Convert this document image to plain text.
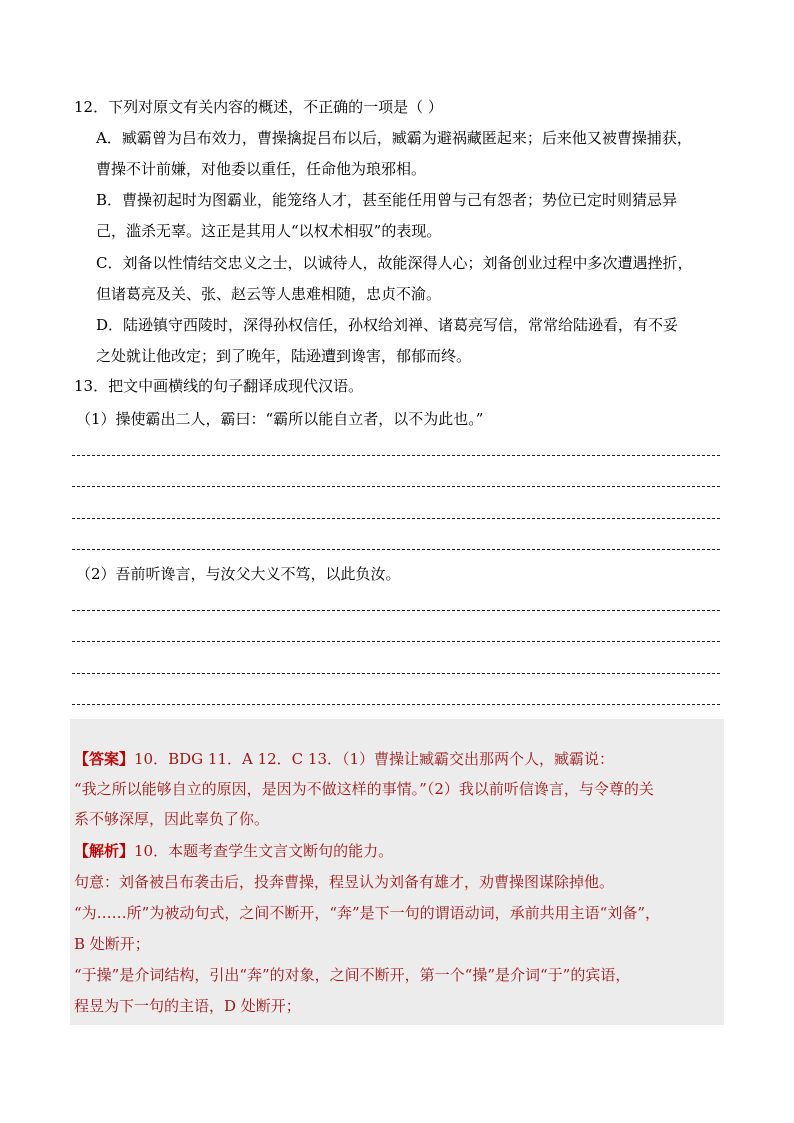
12．下列对原文有关内容的概述，不正确的一项是（ ）
A．臧霸曾为吕布效力，曹操擒捉吕布以后，臧霸为避祸藏匿起来；后来他又被曹操捕获，
曹操不计前嫌，对他委以重任，任命他为琅邪相。
B．曹操初起时为图霸业，能笼络人才，甚至能任用曾与己有怨者；势位已定时则猜忌异
己，滥杀无辜。这正是其用人“以权术相驭”的表现。
C．刘备以性情结交忠义之士，以诚待人，故能深得人心；刘备创业过程中多次遭遇挫折，
但诸葛亮及关、张、赵云等人患难相随，忠贞不渝。
D．陆逊镇守西陵时，深得孙权信任，孙权给刘禅、诸葛亮写信，常常给陆逊看，有不妥
之处就让他改定；到了晚年，陆逊遭到谗害，郁郁而终。
13．把文中画横线的句子翻译成现代汉语。
（1）操使霸出二人，霸曰：“霸所以能自立者，以不为此也。”
（2）吾前听谗言，与汝父大义不笃，以此负汝。
【答案】10．BDG 11．A 12．C 13．（1）曹操让臧霸交出那两个人，臧霸说：
“我之所以能够自立的原因，是因为不做这样的事情。”（2）我以前听信谗言，与令尊的关
系不够深厚，因此辜负了你。
【解析】10．本题考查学生文言文断句的能力。
句意：刘备被吕布袭击后，投奔曹操，程昱认为刘备有雄才，劝曹操图谋除掉他。
“为……所”为被动句式，之间不断开，“奔”是下一句的谓语动词，承前共用主语“刘备”，
B 处断开；
“于操”是介词结构，引出“奔”的对象，之间不断开，第一个“操”是介词“于”的宾语，
程昱为下一句的主语，D 处断开；
